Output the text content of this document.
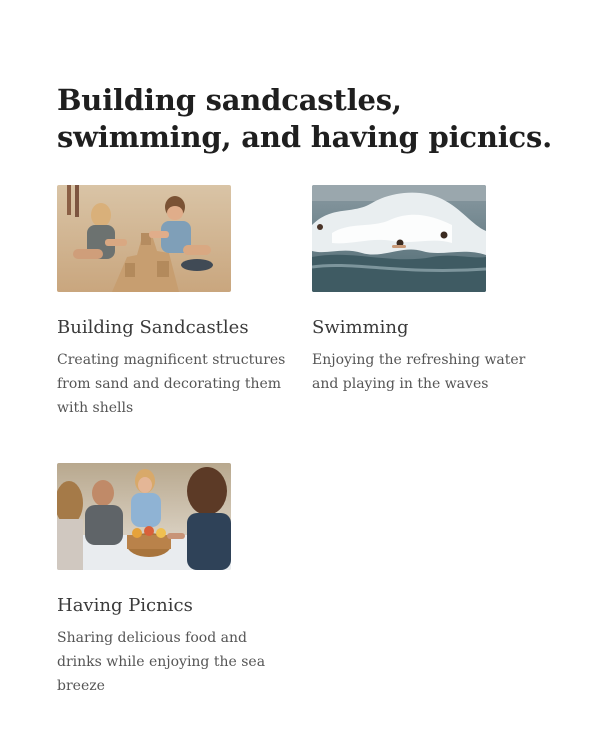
Building sandcastles,
swimming, and having picnics.
Building Sandcastles

Creating magnificent structures from sand and decorating them with shells

Swimming

Enjoying the refreshing water and playing in the waves

Having Picnics

Sharing delicious food and drinks while enjoying the sea breeze
